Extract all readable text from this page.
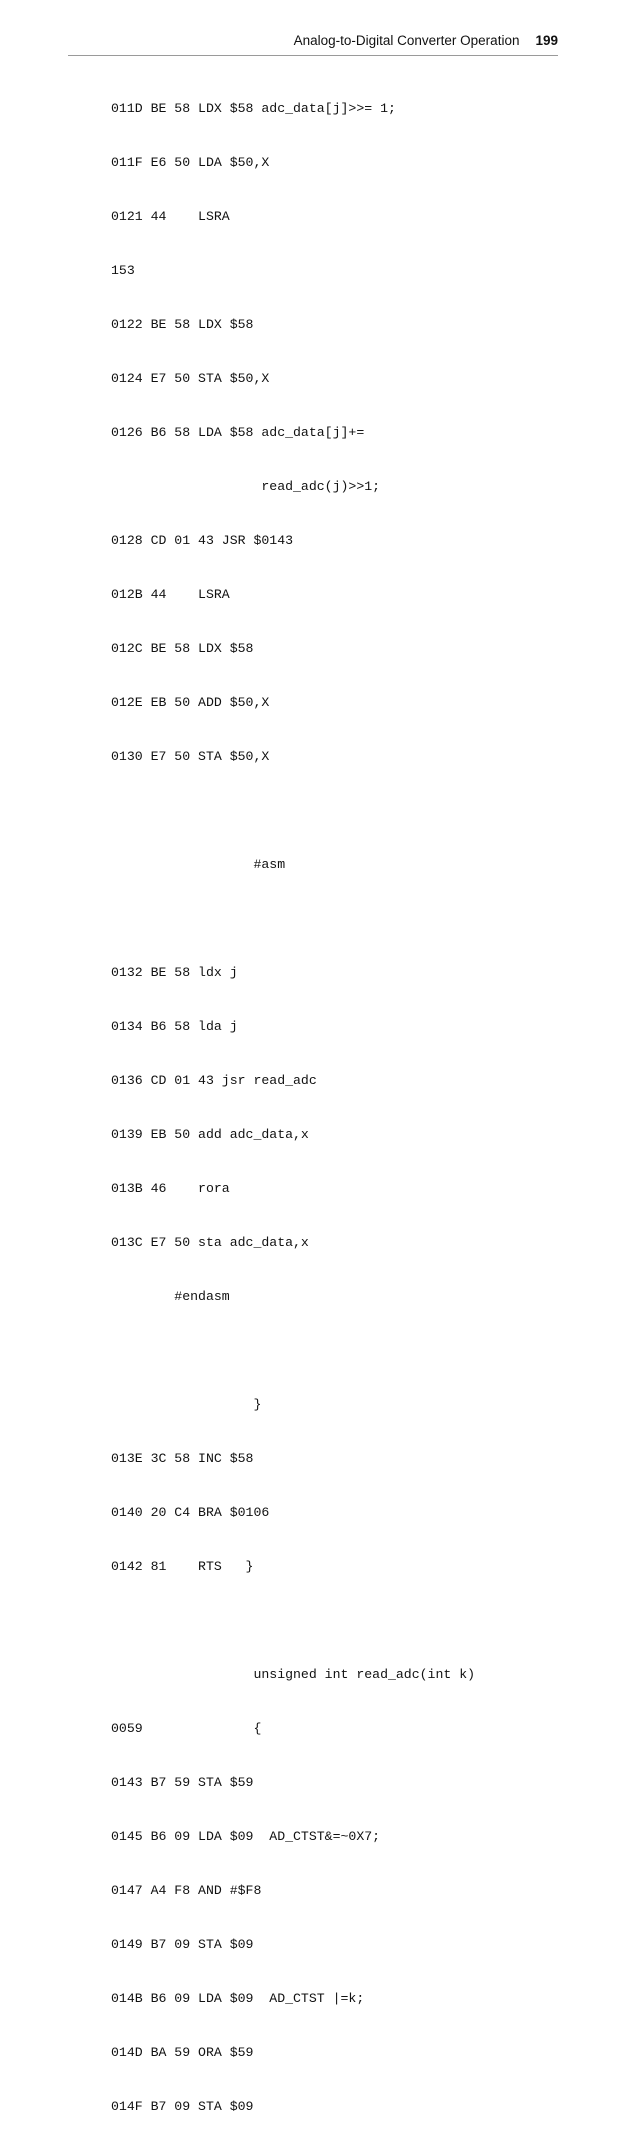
Analog-to-Digital Converter Operation 199

011D BE 58 LDX $58 adc_data[j]>>= 1;

011F E6 50 LDA $50,X

0121 44    LSRA

153

0122 BE 58 LDX $58

0124 E7 50 STA $50,X

0126 B6 58 LDA $58 adc_data[j]+=

read_adc(j)>>1;

0128 CD 01 43 JSR $0143

012B 44    LSRA

012C BE 58 LDX $58

012E EB 50 ADD $50,X

0130 E7 50 STA $50,X

#asm

0132 BE 58 ldx j

0134 B6 58 lda j

0136 CD 01 43 jsr read_adc

0139 EB 50 add adc_data,x

013B 46    rora

013C E7 50 sta adc_data,x

#endasm

}

013E 3C 58 INC $58

0140 20 C4 BRA $0106

0142 81    RTS   }

unsigned int read_adc(int k)

0059              {

0143 B7 59 STA $59

0145 B6 09 LDA $09  AD_CTST&=~0X7;

0147 A4 F8 AND #$F8

0149 B7 09 STA $09

014B B6 09 LDA $09  AD_CTST |=k;

014D BA 59 ORA $59

014F B7 09 STA $09
